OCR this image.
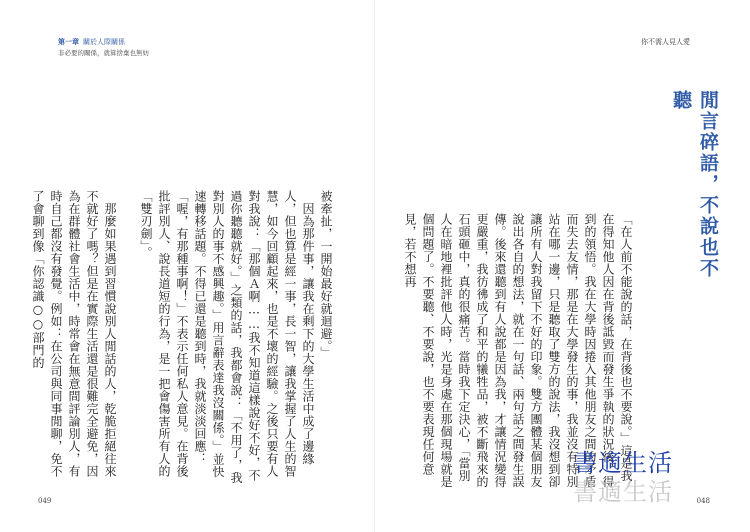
第一章 關於人際關係
非必要的關係，就算捨棄也無妨
被牽扯，一開始最好就迴避。」
　因為那件事，讓我在剩下的大學生活中成了邊緣人，但也算是經一事，長一智，讓我掌握了人生的智慧，如今回顧起來，也是不壞的經驗。之後只要有人對我說：「那個Ａ啊……我不知道這樣說好不好，不過你聽聽就好。」之類的話，我都會說：「不用了，我對別人的事不感興趣。」用言辭表達我沒關係。」並快速轉移話題。不得已還是聽到時，我就淡淡回應：「喔，有那種事啊！」不表示任何私人意見。在背後批評別人、說長道短的行為，是一把會傷害所有人的「雙刃劍」。

　那麼如果遇到習慣說別人閒話的人，乾脆拒絕往來不就好了嗎？但是在實際生活還是很難完全避免，因為在群體社會生活中，時常會在無意間評論別人，有時自己都沒有發覺。例如：在公司與同事閒聊，免不了會聊到像「你認識○○部門的
049
你不需人見人愛
閒言碎語，不說也不聽
「在人前不能說的話，在背後也不要說。」這是我在得知他人因在背後詆毀而發生爭執的狀況後，得到的領悟。我在大學時因捲入其他朋友之間的矛盾而失去友情，那是在大學發生的事，我並沒有特別站在哪一邊，只是聽取了雙方的說法，我沒想到卻讓所有人對我留下不好的印象。雙方團體某個朋友說出各自的想法，就在一句話、兩句話之間發生誤傳。後來還聽到有人說都是因為我，才讓情況變得更嚴重，我彷彿成了和平的犧牲品，被不斷飛來的石頭砸中，真的很痛苦。當時我下定決心，「當別人在暗地裡批評他人時，光是身處在那個現場就是個問題了。不要聽、不要說，也不要表現任何意見，若不想再
書適生活
書適生活	048
